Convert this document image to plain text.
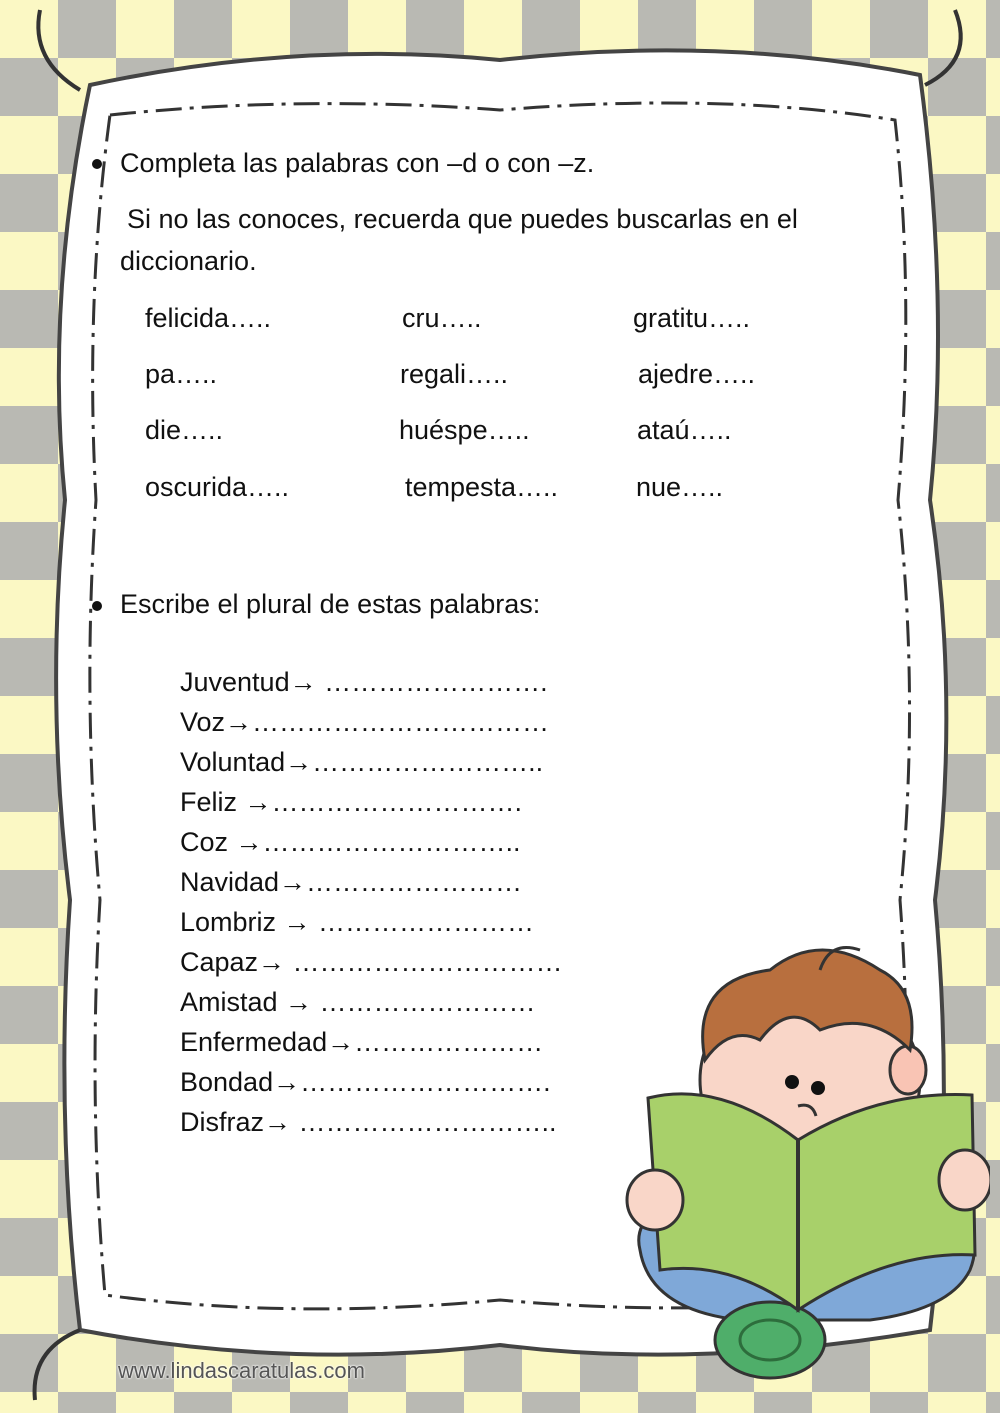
Completa las palabras con –d o con –z.
Si no las conoces, recuerda que puedes buscarlas en el
diccionario.
felicida…..	cru…..	gratitu…..
pa…..	regali…..	ajedre…..
die…..	huéspe…..	ataú…..
oscurida…..	tempesta…..	nue…..
Escribe el plural de estas palabras:
Juventud→ …………………….
Voz→……………………………
Voluntad→……………………..
Feliz →……………………….
Coz →………………………..
Navidad→……………………
Lombriz → ……………………
Capaz→ …………………………
Amistad → ……………………
Enfermedad→…………………
Bondad→……………………….
Disfraz→ ………………………..
www.lindascaratulas.com
